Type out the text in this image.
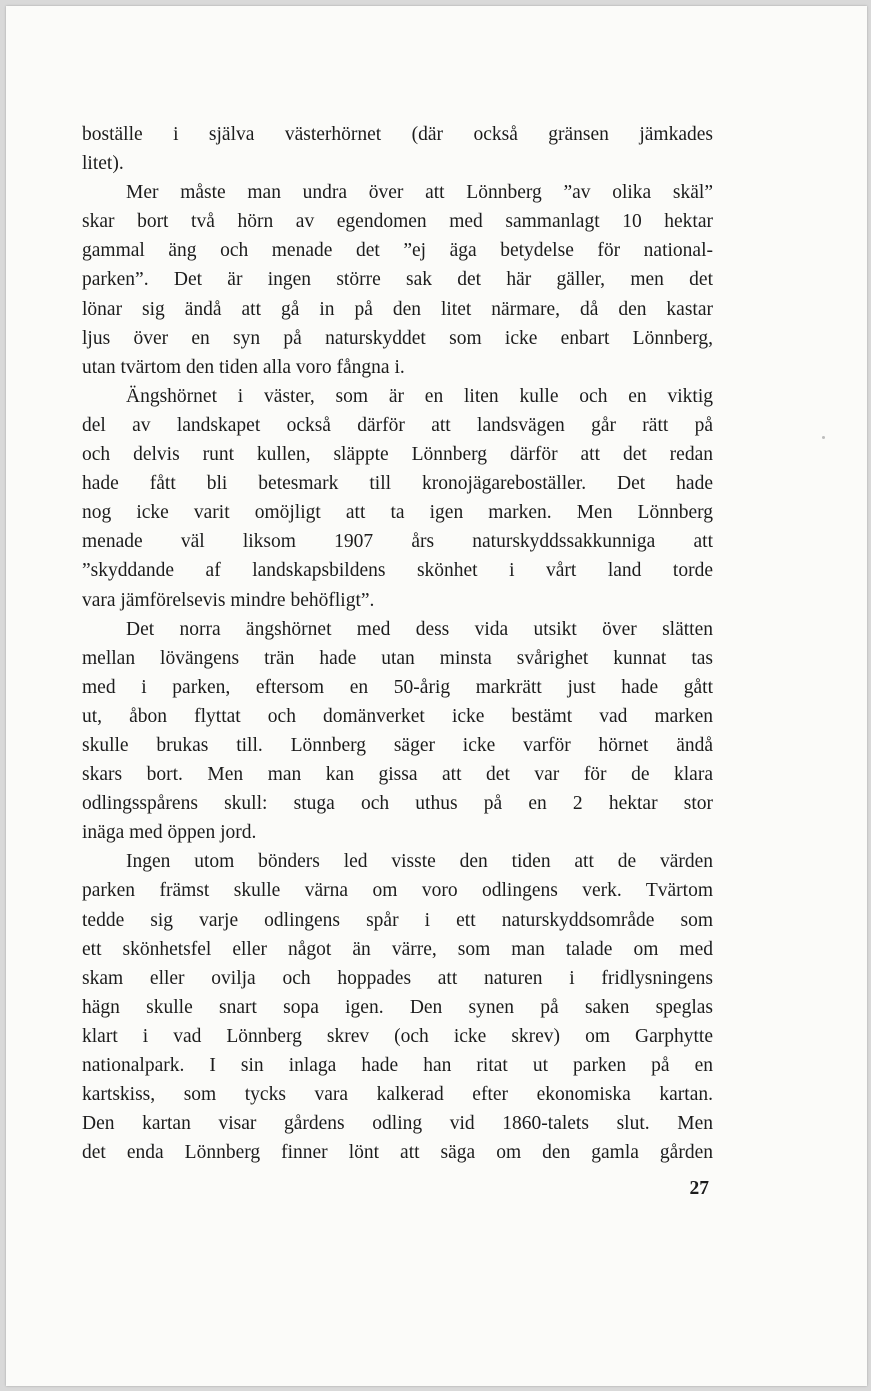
boställe i själva västerhörnet (där också gränsen jämkades
litet).
Mer måste man undra över att Lönnberg ”av olika skäl”
skar bort två hörn av egendomen med sammanlagt 10 hektar
gammal äng och menade det ”ej äga betydelse för national-
parken”. Det är ingen större sak det här gäller, men det
lönar sig ändå att gå in på den litet närmare, då den kastar
ljus över en syn på naturskyddet som icke enbart Lönnberg,
utan tvärtom den tiden alla voro fångna i.
Ängshörnet i väster, som är en liten kulle och en viktig
del av landskapet också därför att landsvägen går rätt på
och delvis runt kullen, släppte Lönnberg därför att det redan
hade fått bli betesmark till kronojägareboställer. Det hade
nog icke varit omöjligt att ta igen marken. Men Lönnberg
menade väl liksom 1907 års naturskyddssakkunniga att
”skyddande af landskapsbildens skönhet i vårt land torde
vara jämförelsevis mindre behöfligt”.
Det norra ängshörnet med dess vida utsikt över slätten
mellan lövängens trän hade utan minsta svårighet kunnat tas
med i parken, eftersom en 50-årig markrätt just hade gått
ut, åbon flyttat och domänverket icke bestämt vad marken
skulle brukas till. Lönnberg säger icke varför hörnet ändå
skars bort. Men man kan gissa att det var för de klara
odlingsspårens skull: stuga och uthus på en 2 hektar stor
inäga med öppen jord.
Ingen utom bönders led visste den tiden att de värden
parken främst skulle värna om voro odlingens verk. Tvärtom
tedde sig varje odlingens spår i ett naturskyddsområde som
ett skönhetsfel eller något än värre, som man talade om med
skam eller ovilja och hoppades att naturen i fridlysningens
hägn skulle snart sopa igen. Den synen på saken speglas
klart i vad Lönnberg skrev (och icke skrev) om Garphytte
nationalpark. I sin inlaga hade han ritat ut parken på en
kartskiss, som tycks vara kalkerad efter ekonomiska kartan.
Den kartan visar gårdens odling vid 1860-talets slut. Men
det enda Lönnberg finner lönt att säga om den gamla gården
27
